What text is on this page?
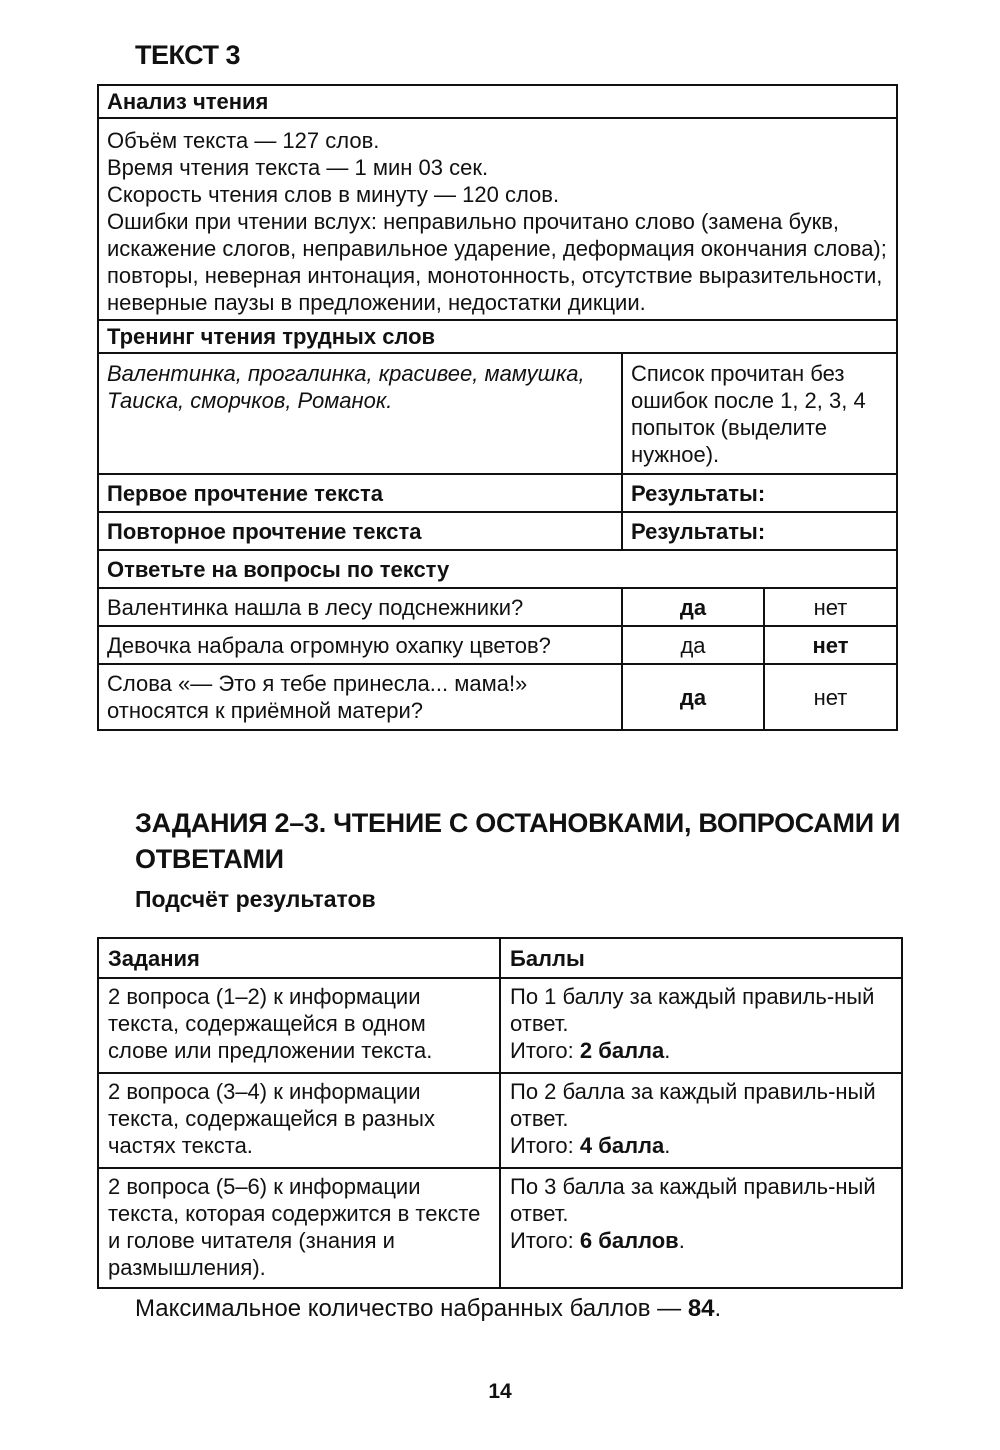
ТЕКСТ 3
Анализ чтения		

Объём текста — 127 слов.
Время чтения текста — 1 мин 03 сек.
Скорость чтения слов в минуту — 120 слов.
Ошибки при чтении вслух: неправильно прочитано слово (замена букв, искажение слогов, неправильное ударение, деформация окончания слова); повторы, неверная интонация, монотонность, отсутствие выразительности, неверные паузы в предложении, недостатки дикции.		

Тренинг чтения трудных слов		
Валентинка, прогалинка, красивее, мамушка, Таиска, сморчков, Романок.	Список прочитан без ошибок после 1, 2, 3, 4 попыток (выделите нужное).	
Первое прочтение текста	Результаты:	
Повторное прочтение текста	Результаты:	
Ответьте на вопросы по тексту		
Валентинка нашла в лесу подснежники?	да	нет
Девочка набрала огромную охапку цветов?	да	нет
Слова «— Это я тебе принесла... мама!» относятся к приёмной матери?	да	нет
ЗАДАНИЯ 2–3. ЧТЕНИЕ С ОСТАНОВКАМИ, ВОПРОСАМИ И ОТВЕТАМИ
Подсчёт результатов
Задания	Баллы
2 вопроса (1–2) к информации текста, содержащейся в одном слове или предложении текста.	По 1 баллу за каждый правиль-ный ответ.
Итого: 2 балла.

2 вопроса (3–4) к информации текста, содержащейся в разных частях текста.	По 2 балла за каждый правиль-ный ответ.
Итого: 4 балла.

2 вопроса (5–6) к информации текста, которая содержится в тексте и голове читателя (знания и размышления).	По 3 балла за каждый правиль-ный ответ.
Итого: 6 баллов.
Максимальное количество набранных баллов — 84.
14
